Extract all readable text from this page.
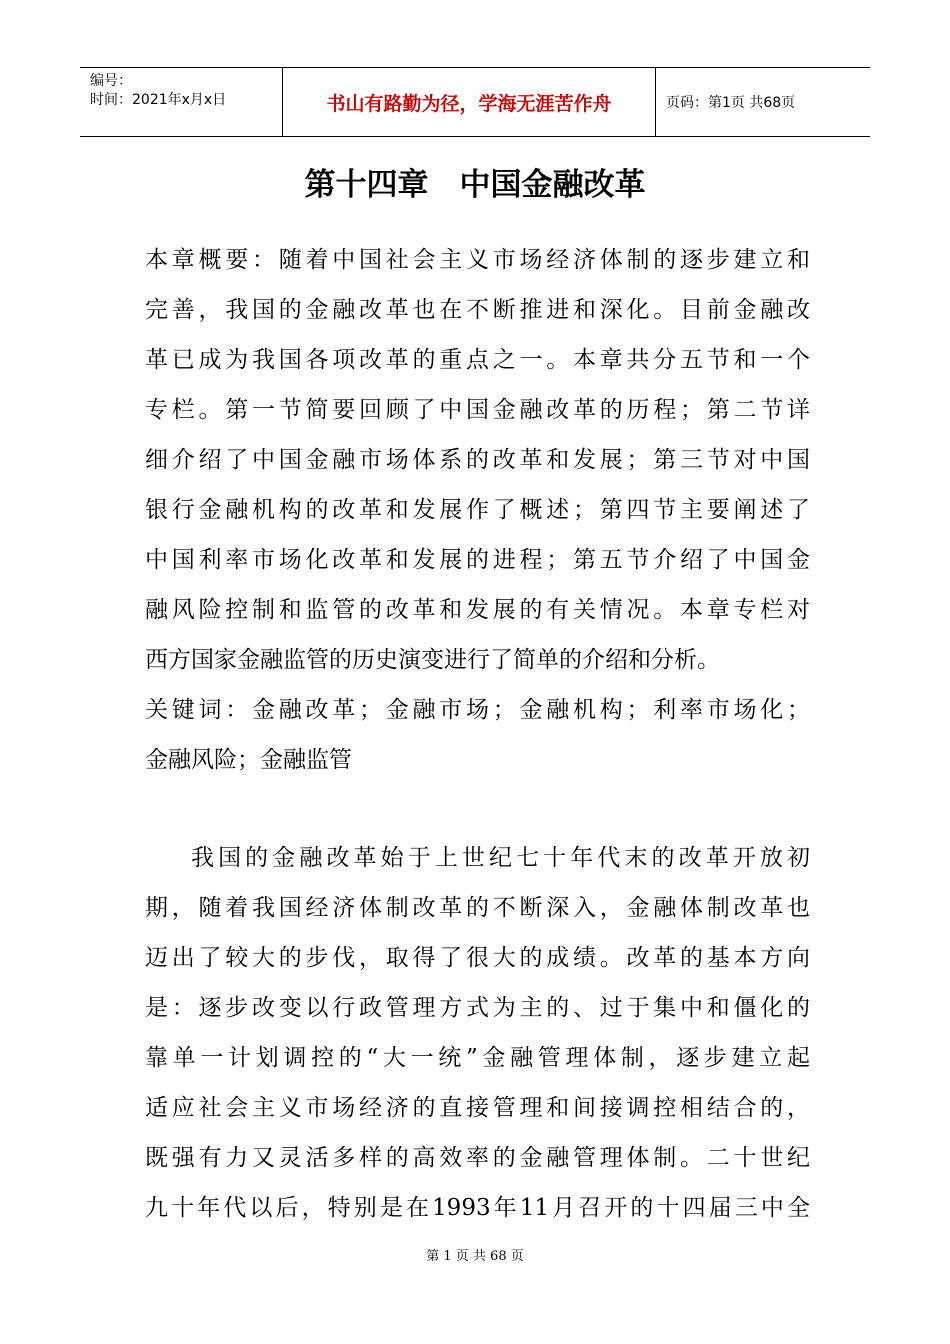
编号：
时间：2021年x月x日	书山有路勤为径，学海无涯苦作舟	页码：第1页 共68页
第十四章　中国金融改革
本章概要：随着中国社会主义市场经济体制的逐步建立和
完善，我国的金融改革也在不断推进和深化。目前金融改
革已成为我国各项改革的重点之一。本章共分五节和一个
专栏。第一节简要回顾了中国金融改革的历程；第二节详
细介绍了中国金融市场体系的改革和发展；第三节对中国
银行金融机构的改革和发展作了概述；第四节主要阐述了
中国利率市场化改革和发展的进程；第五节介绍了中国金
融风险控制和监管的改革和发展的有关情况。本章专栏对
西方国家金融监管的历史演变进行了简单的介绍和分析。
关键词：金融改革；金融市场；金融机构；利率市场化；
金融风险；金融监管
我国的金融改革始于上世纪七十年代末的改革开放初
期，随着我国经济体制改革的不断深入，金融体制改革也
迈出了较大的步伐，取得了很大的成绩。改革的基本方向
是：逐步改变以行政管理方式为主的、过于集中和僵化的
靠单一计划调控的“大一统”金融管理体制，逐步建立起
适应社会主义市场经济的直接管理和间接调控相结合的，
既强有力又灵活多样的高效率的金融管理体制。二十世纪
九十年代以后，特别是在1993年11月召开的十四届三中全
第 1 页 共 68 页
